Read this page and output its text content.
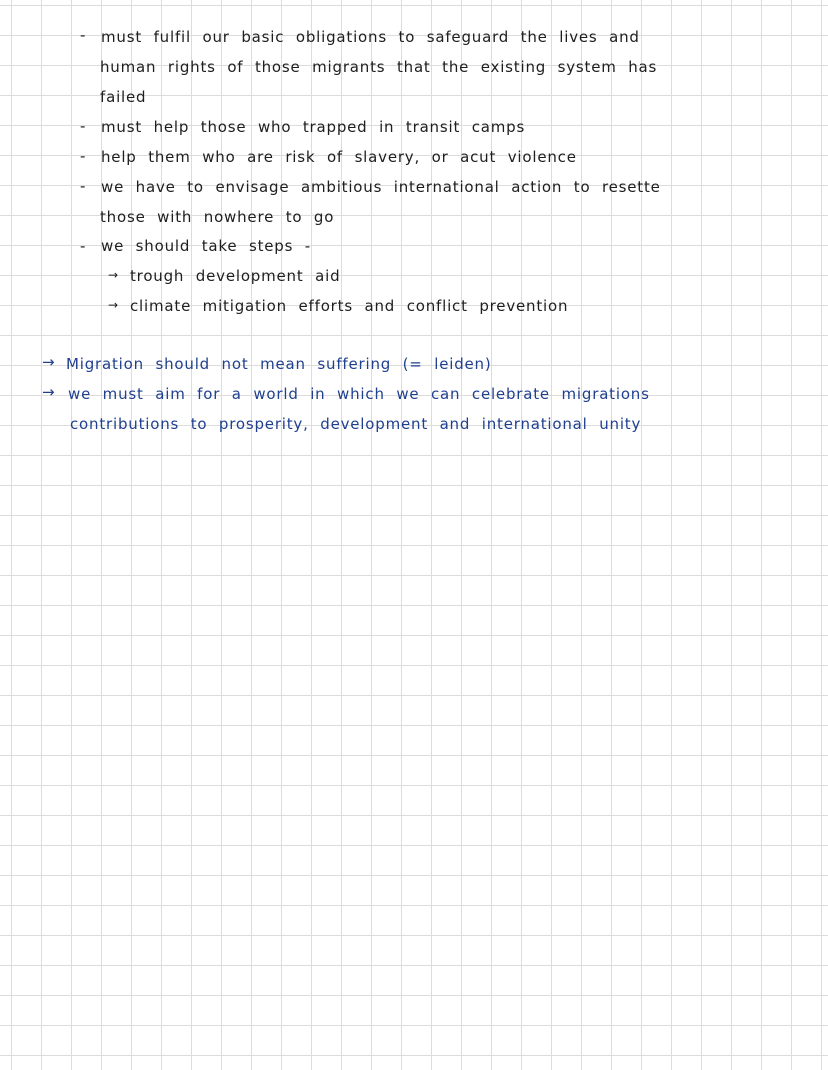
- must fulfil our basic obligations to safeguard the lives and
human rights of those migrants that the existing system has
failed
- must help those who trapped in transit camps
- help them who are risk of slavery, or acut violence
- we have to envisage ambitious international action to resette
those with nowhere to go
- we should take steps -
→ trough development aid
→ climate mitigation efforts and conflict prevention
→ Migration should not mean suffering (= leiden)
→ we must aim for a world in which we can celebrate migrations
contributions to prosperity, development and international unity
